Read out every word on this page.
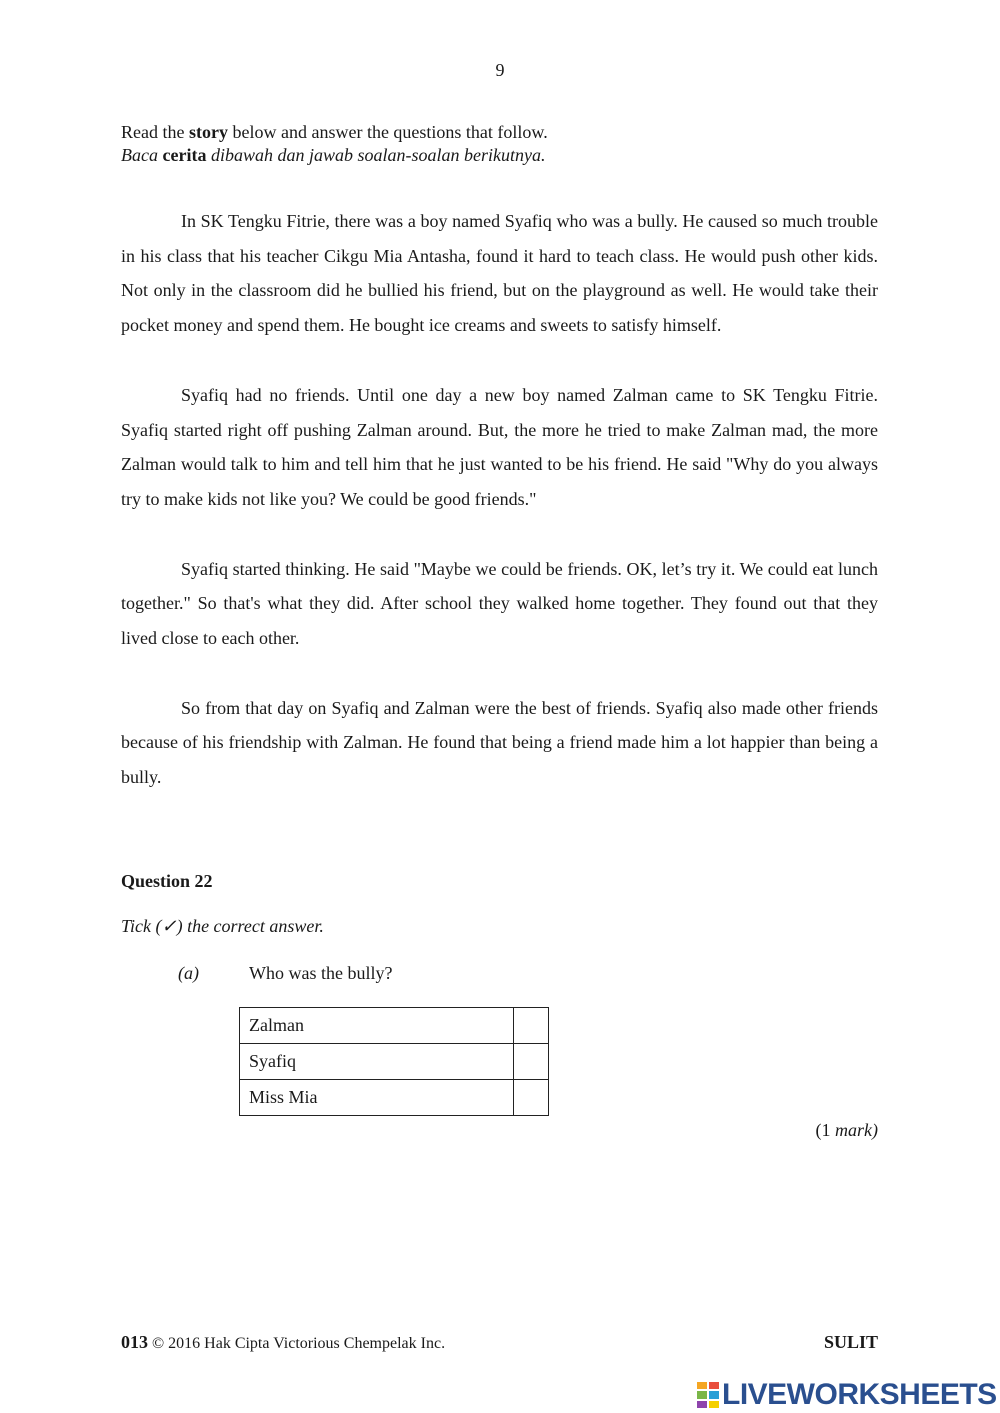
9
Read the story below and answer the questions that follow.
Baca cerita dibawah dan jawab soalan-soalan berikutnya.

In SK Tengku Fitrie, there was a boy named Syafiq who was a bully. He caused so much trouble in his class that his teacher Cikgu Mia Antasha, found it hard to teach class. He would push other kids. Not only in the classroom did he bullied his friend, but on the playground as well. He would take their pocket money and spend them. He bought ice creams and sweets to satisfy himself.

Syafiq had no friends. Until one day a new boy named Zalman came to SK Tengku Fitrie. Syafiq started right off pushing Zalman around. But, the more he tried to make Zalman mad, the more Zalman would talk to him and tell him that he just wanted to be his friend. He said "Why do you always try to make kids not like you? We could be good friends."

Syafiq started thinking. He said "Maybe we could be friends. OK, let’s try it. We could eat lunch together." So that's what they did. After school they walked home together. They found out that they lived close to each other.

So from that day on Syafiq and Zalman were the best of friends. Syafiq also made other friends because of his friendship with Zalman. He found that being a friend made him a lot happier than being a bully.

Question 22
Tick (✓) the correct answer.
(a)	Who was the bully?
Zalman	
Syafiq	
Miss Mia	
(1 mark)
013 © 2016 Hak Cipta Victorious Chempelak Inc.	SULIT
LIVEWORKSHEETS
